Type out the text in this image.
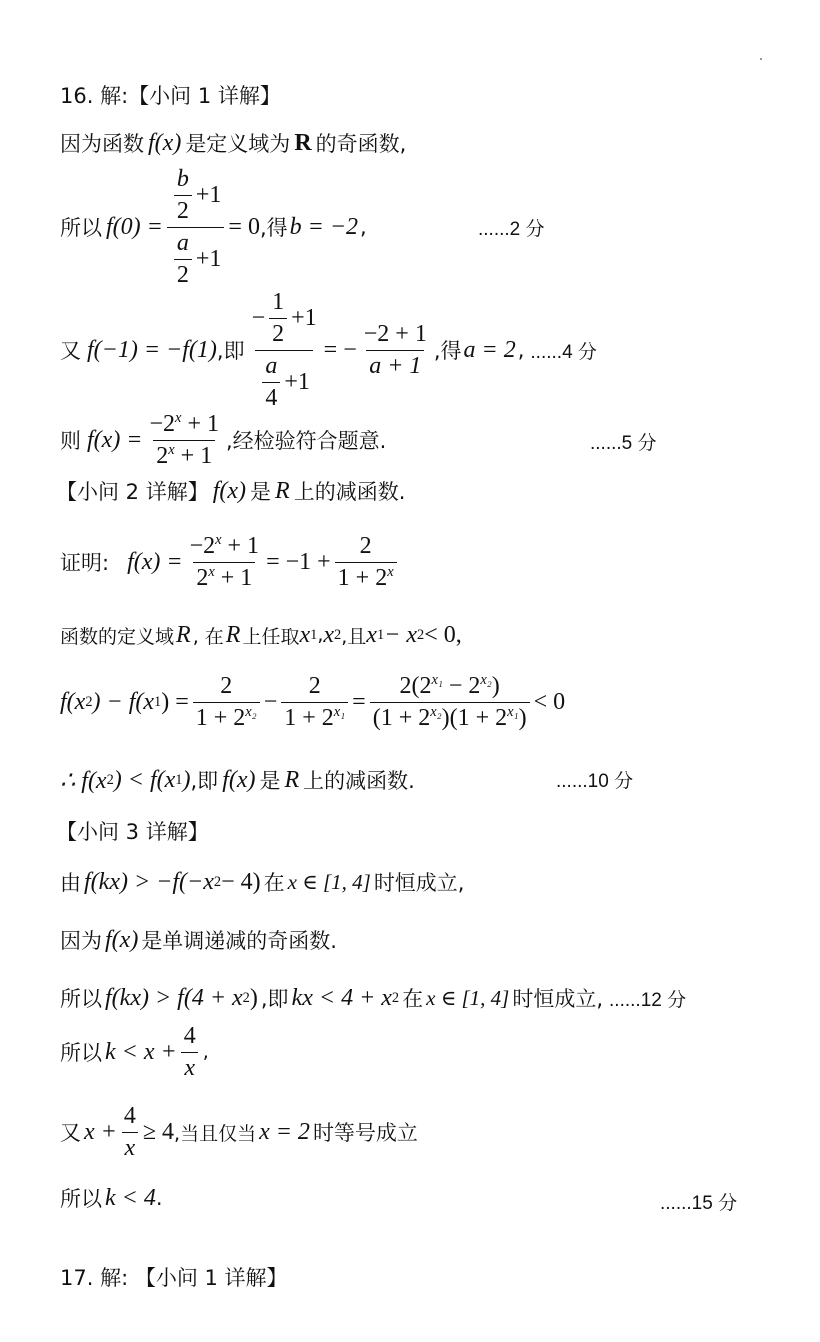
16. 解:【小问 1 详解】
因为函数 f(x) 是定义域为 R 的奇函数,
所以 $f(0) = \frac{\frac{b}{2} +1}{\frac{a}{2} +1} = 0$ ,得 b = −2 ,	......2 分
又 f(−1) = −f(1) ,即 $\frac{- \frac{1}{2} +1}{\frac{a}{4} +1}$ = − $\frac{-2 + 1}{a + 1}$ ,得 a = 2 , ......4 分
则 $f(x) = \frac{-2^x + 1}{2^x + 1}$ ,经检验符合题意.	......5 分
【小问 2 详解】 f(x) 是 R 上的减函数.
证明: $f(x) = \frac{-2^x + 1}{2^x + 1} = -1 + \frac{2}{1 + 2^x}$
函数的定义域 R , 在 R 上任取 x 1 , x 2 ,且 x 1 − x 2 < 0,
f(x 2 ) − f(x 1 ) = $\frac{2}{1 + 2^{x_2}} - \frac{2}{1 + 2^{x_1}} = \frac{2(2^{x_1} - 2^{x_2})}{(1 + 2^{x_2})(1 + 2^{x_1})} < 0$
∴ f(x 2 ) < f(x 1 ) ,即 f(x) 是 R 上的减函数.	......10 分
【小问 3 详解】
由 f(kx) > −f(−x 2 − 4) 在 x ∈ [1, 4] 时恒成立,
因为 f(x) 是单调递减的奇函数.
所以 f(kx) > f(4 + x 2 ) ,即 kx < 4 + x 2 在 x ∈ [1, 4] 时恒成立, ......12 分
所以 $k < x + \frac{4}{x}$ ,
又 $x + \frac{4}{x} \ge 4$ ,当且仅当 x = 2 时等号成立
所以 k < 4 .	......15 分
17. 解: 【小问 1 详解】
